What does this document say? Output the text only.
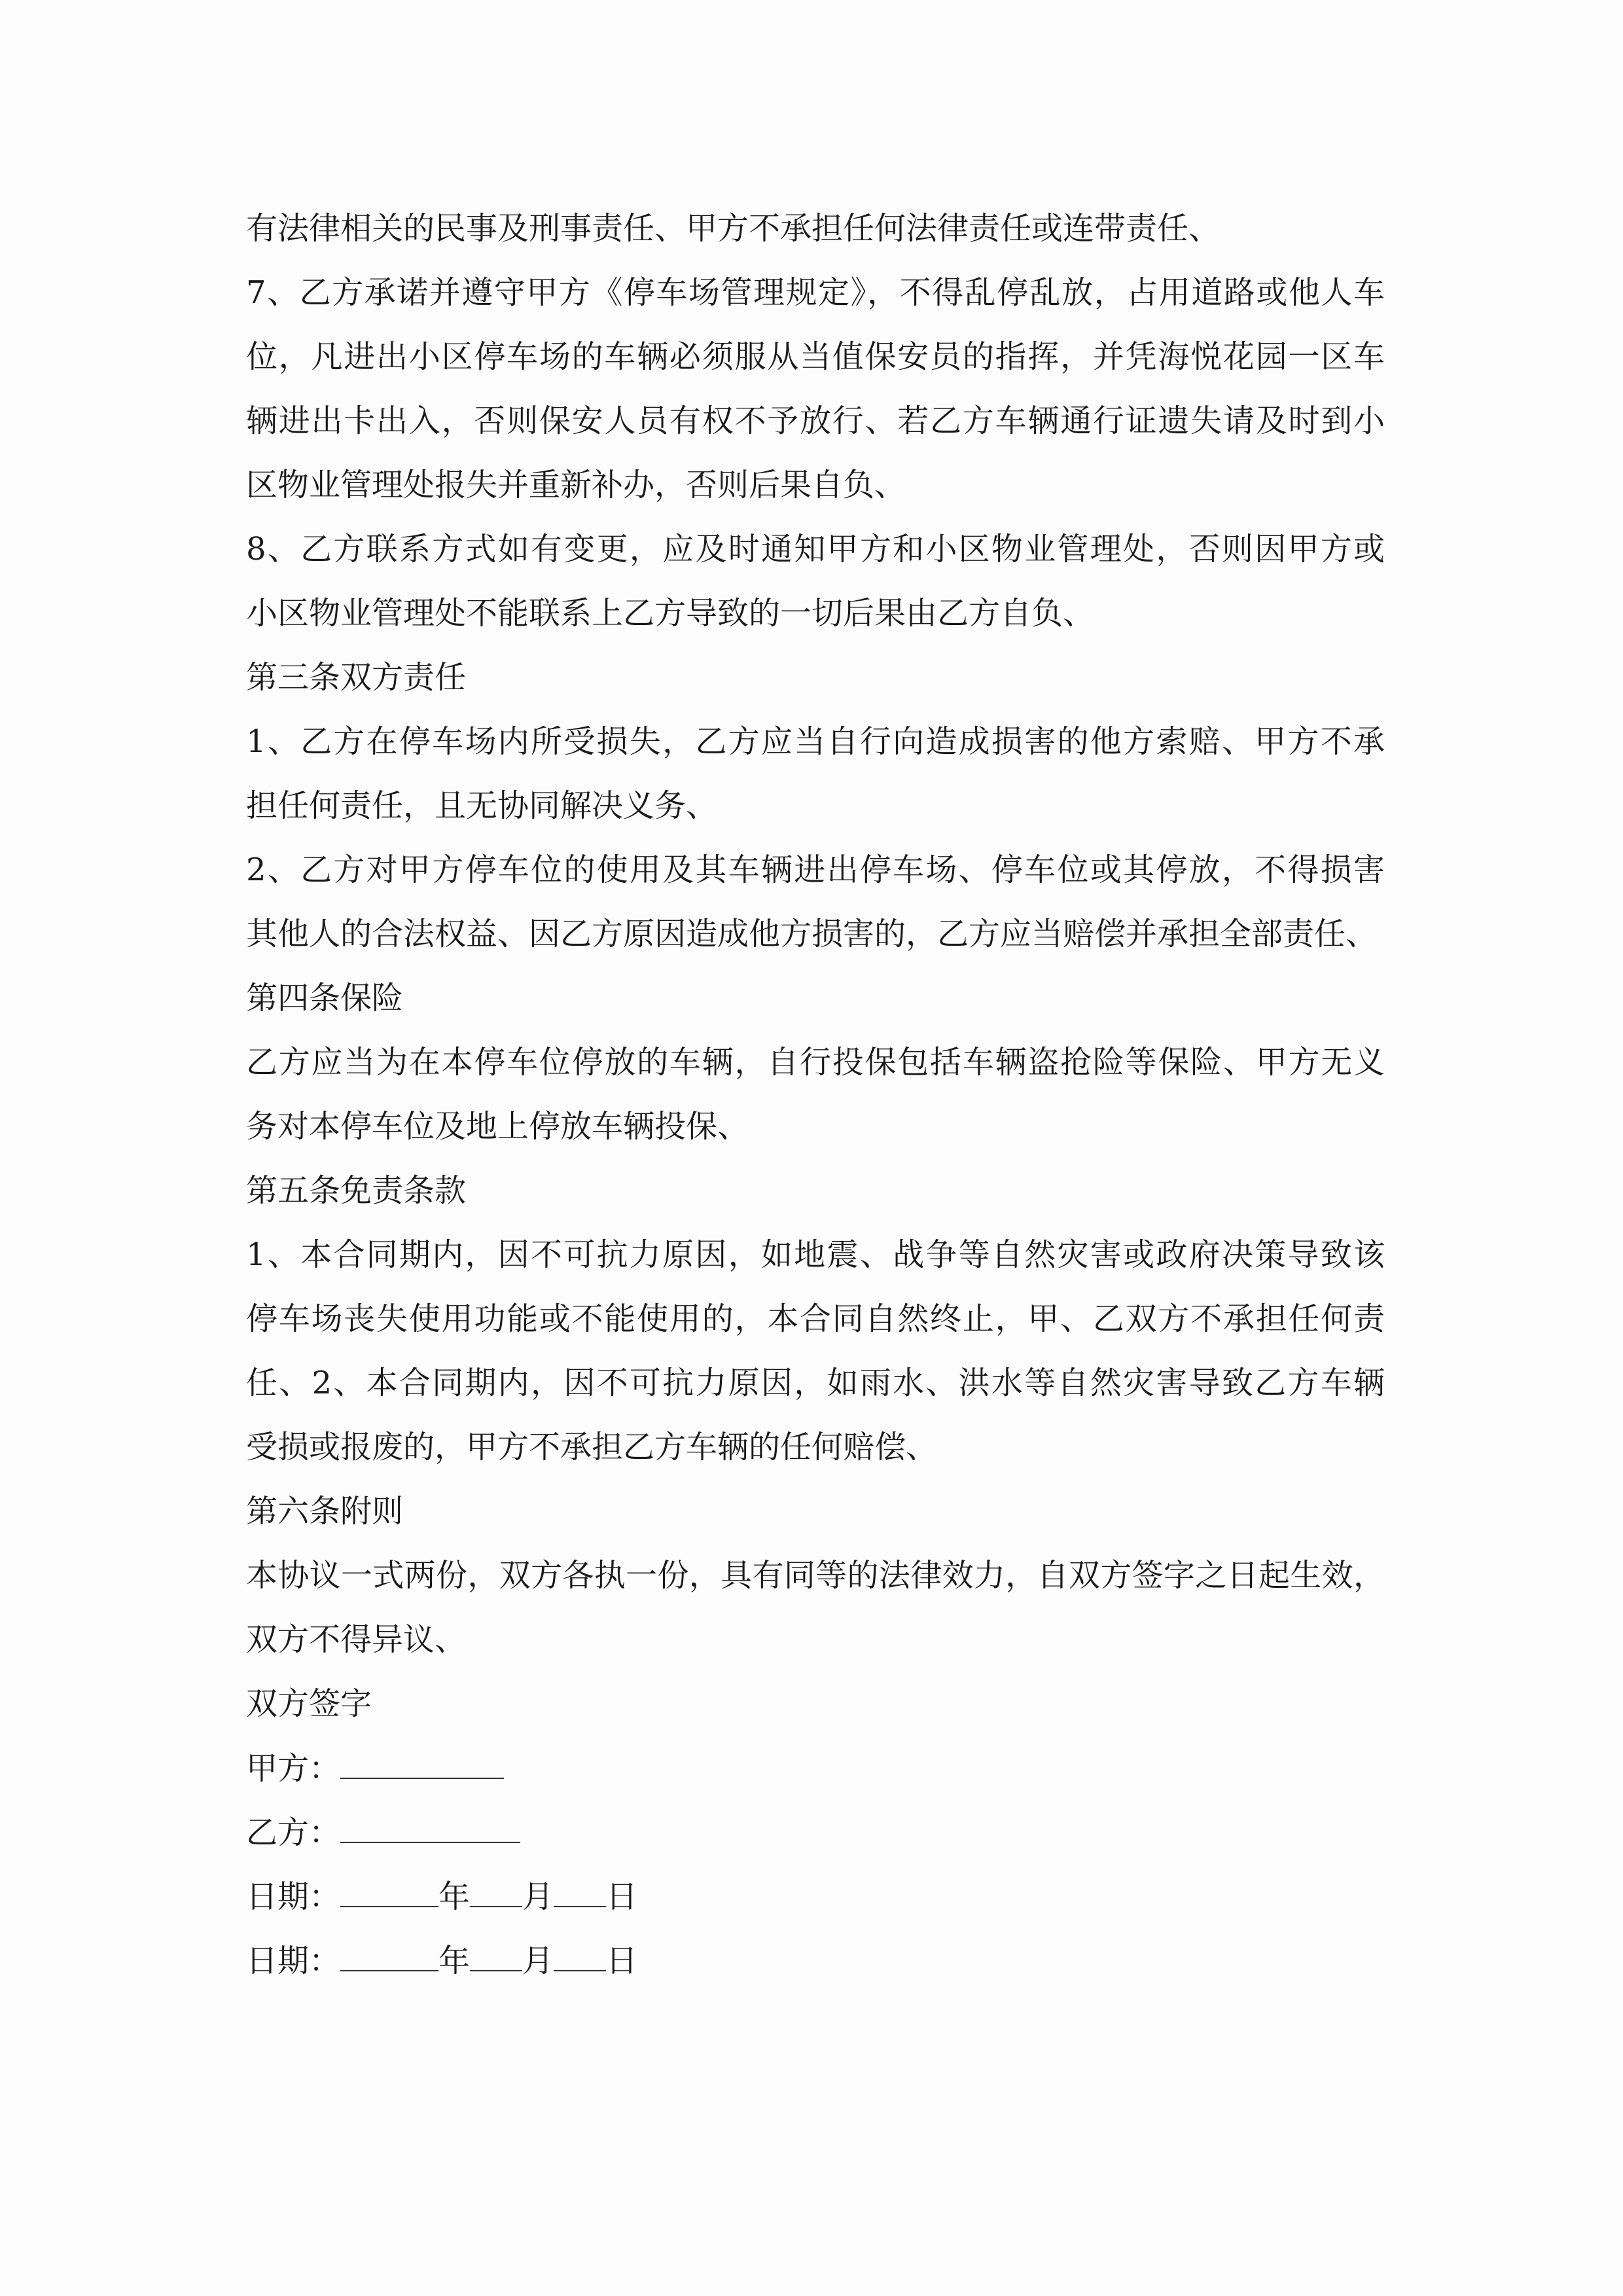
有法律相关的民事及刑事责任、甲方不承担任何法律责任或连带责任、
7、乙方承诺并遵守甲方《停车场管理规定》，不得乱停乱放，占用道路或他人车
位，凡进出小区停车场的车辆必须服从当值保安员的指挥，并凭海悦花园一区车
辆进出卡出入，否则保安人员有权不予放行、若乙方车辆通行证遗失请及时到小
区物业管理处报失并重新补办，否则后果自负、
8、乙方联系方式如有变更，应及时通知甲方和小区物业管理处，否则因甲方或
小区物业管理处不能联系上乙方导致的一切后果由乙方自负、
第三条双方责任
1、乙方在停车场内所受损失，乙方应当自行向造成损害的他方索赔、甲方不承
担任何责任，且无协同解决义务、
2、乙方对甲方停车位的使用及其车辆进出停车场、停车位或其停放，不得损害
其他人的合法权益、因乙方原因造成他方损害的，乙方应当赔偿并承担全部责任、
第四条保险
乙方应当为在本停车位停放的车辆，自行投保包括车辆盗抢险等保险、甲方无义
务对本停车位及地上停放车辆投保、
第五条免责条款
1、本合同期内，因不可抗力原因，如地震、战争等自然灾害或政府决策导致该
停车场丧失使用功能或不能使用的，本合同自然终止，甲、乙双方不承担任何责
任、2、本合同期内，因不可抗力原因，如雨水、洪水等自然灾害导致乙方车辆
受损或报废的，甲方不承担乙方车辆的任何赔偿、
第六条附则
本协议一式两份，双方各执一份，具有同等的法律效力，自双方签字之日起生效，
双方不得异议、
双方签字
甲方：
乙方：
日期：	年 月 日
日期：	年 月 日
